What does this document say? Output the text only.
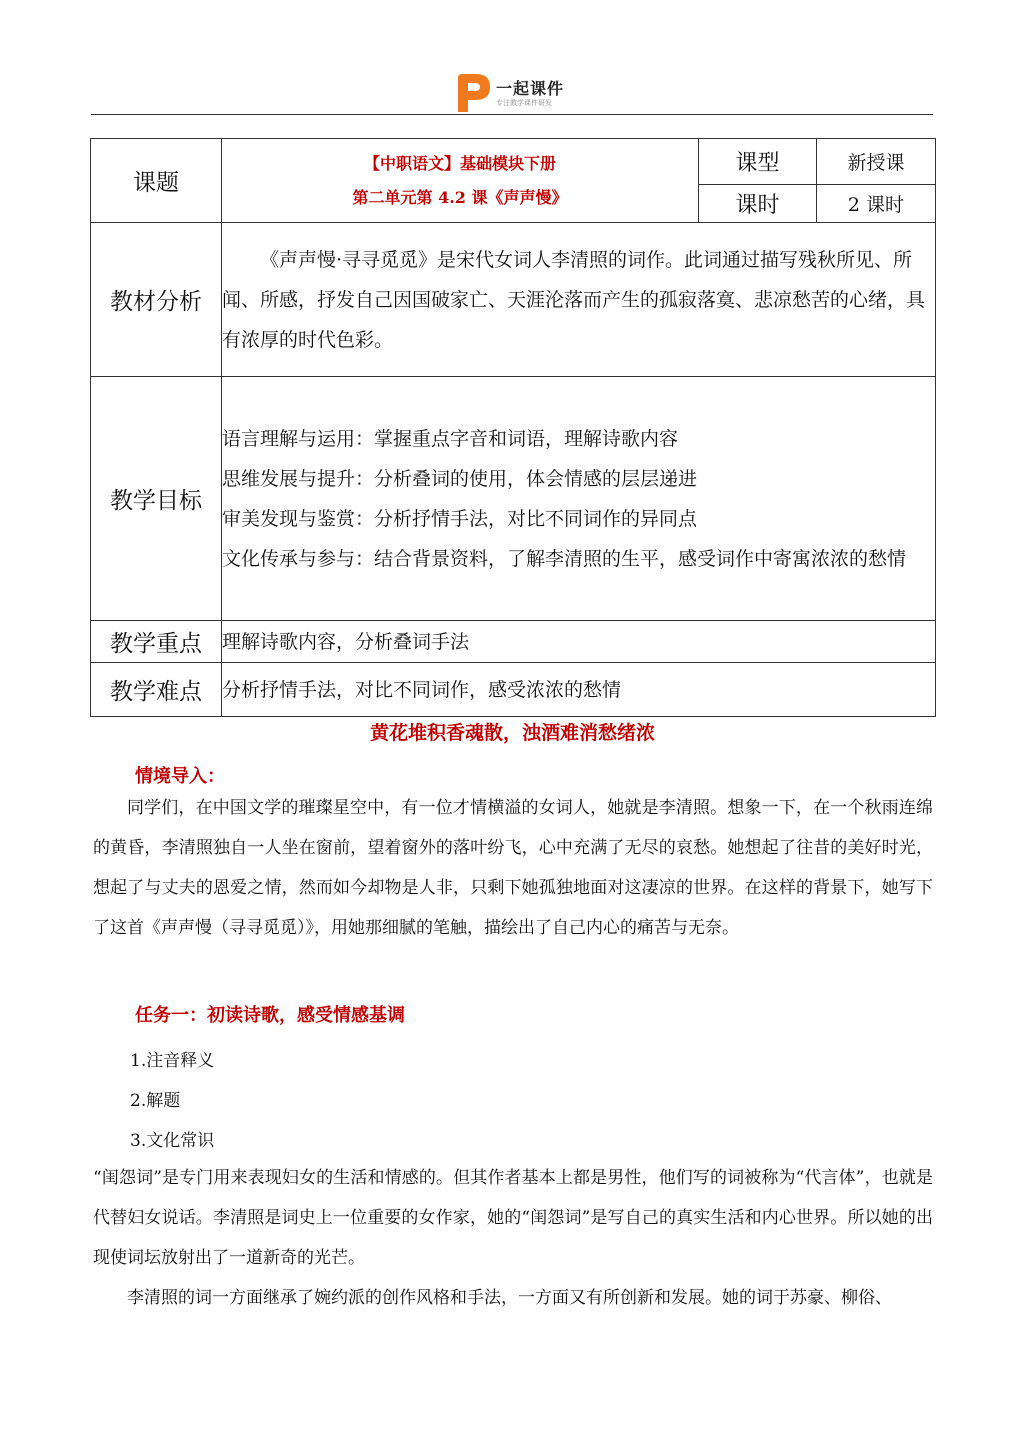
一起课件
专注教学课件研发
课题	【中职语文】基础模块下册
第二单元第 4.2 课《声声慢》	课型	新授课
		课时	2 课时
教材分析	《声声慢·寻寻觅觅》是宋代女词人李清照的词作。此词通过描写残秋所见、所闻、所感，抒发自己因国破家亡、天涯沦落而产生的孤寂落寞、悲凉愁苦的心绪，具有浓厚的时代色彩。		
教学目标	语言理解与运用：掌握重点字音和词语，理解诗歌内容
思维发展与提升：分析叠词的使用，体会情感的层层递进
审美发现与鉴赏：分析抒情手法，对比不同词作的异同点
文化传承与参与：结合背景资料，了解李清照的生平，感受词作中寄寓浓浓的愁情		

教学重点	理解诗歌内容，分析叠词手法		
教学难点	分析抒情手法，对比不同词作，感受浓浓的愁情		
黄花堆积香魂散，浊酒难消愁绪浓
情境导入：
同学们，在中国文学的璀璨星空中，有一位才情横溢的女词人，她就是李清照。想象一下，在一个秋雨连绵的黄昏，李清照独自一人坐在窗前，望着窗外的落叶纷飞，心中充满了无尽的哀愁。她想起了往昔的美好时光，想起了与丈夫的恩爱之情，然而如今却物是人非，只剩下她孤独地面对这凄凉的世界。在这样的背景下，她写下了这首《声声慢（寻寻觅觅）》，用她那细腻的笔触，描绘出了自己内心的痛苦与无奈。
任务一：初读诗歌，感受情感基调
1.注音释义
2.解题
3.文化常识
“闺怨词”是专门用来表现妇女的生活和情感的。但其作者基本上都是男性，他们写的词被称为“代言体”，也就是代替妇女说话。李清照是词史上一位重要的女作家，她的“闺怨词”是写自己的真实生活和内心世界。所以她的出现使词坛放射出了一道新奇的光芒。
李清照的词一方面继承了婉约派的创作风格和手法，一方面又有所创新和发展。她的词于苏豪、柳俗、
